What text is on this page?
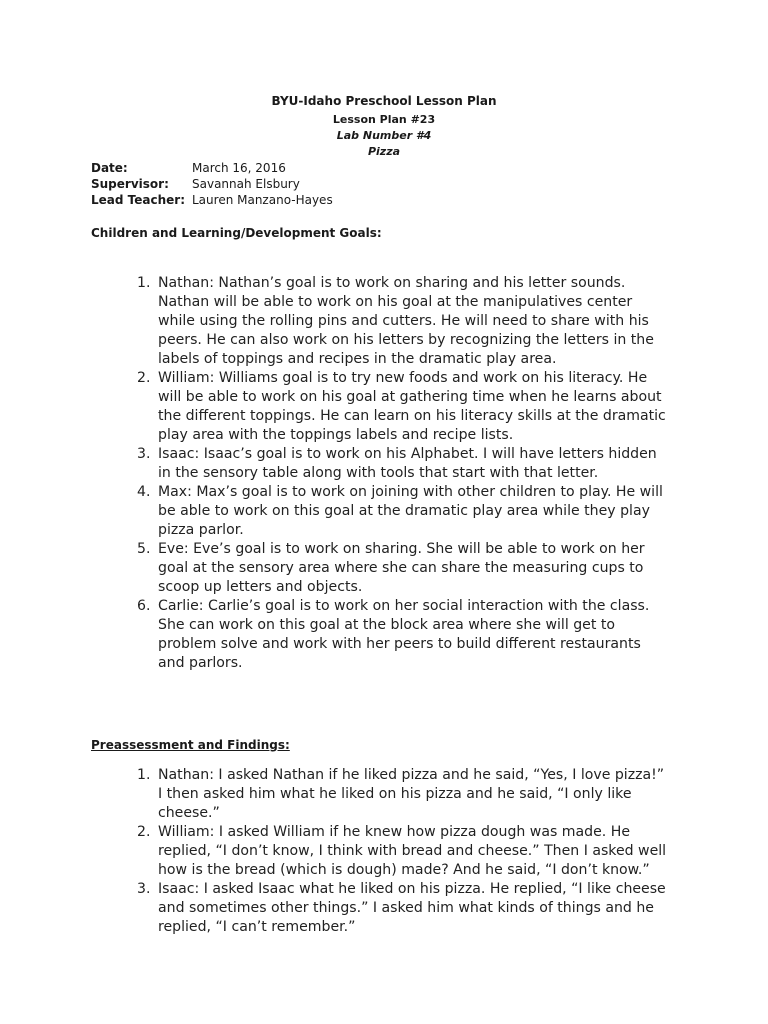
BYU-Idaho Preschool Lesson Plan
Lesson Plan #23
Lab Number #4
Pizza
Date:	March 16, 2016
Supervisor: Savannah Elsbury
Lead Teacher: Lauren Manzano-Hayes
Children and Learning/Development Goals:
1. Nathan: Nathan’s goal is to work on sharing and his letter sounds. Nathan will be able to work on his goal at the manipulatives center while using the rolling pins and cutters. He will need to share with his peers. He can also work on his letters by recognizing the letters in the labels of toppings and recipes in the dramatic play area.
2. William: Williams goal is to try new foods and work on his literacy. He will be able to work on his goal at gathering time when he learns about the different toppings. He can learn on his literacy skills at the dramatic play area with the toppings labels and recipe lists.
3. Isaac: Isaac’s goal is to work on his Alphabet. I will have letters hidden in the sensory table along with tools that start with that letter.
4. Max: Max’s goal is to work on joining with other children to play. He will be able to work on this goal at the dramatic play area while they play pizza parlor.
5. Eve: Eve’s goal is to work on sharing. She will be able to work on her goal at the sensory area where she can share the measuring cups to scoop up letters and objects.
6. Carlie: Carlie’s goal is to work on her social interaction with the class. She can work on this goal at the block area where she will get to problem solve and work with her peers to build different restaurants and parlors.
Preassessment and Findings:
1. Nathan: I asked Nathan if he liked pizza and he said, “Yes, I love pizza!” I then asked him what he liked on his pizza and he said, “I only like cheese.”
2. William: I asked William if he knew how pizza dough was made. He replied, “I don’t know, I think with bread and cheese.” Then I asked well how is the bread (which is dough) made? And he said, “I don’t know.”
3. Isaac: I asked Isaac what he liked on his pizza. He replied, “I like cheese and sometimes other things.” I asked him what kinds of things and he replied, “I can’t remember.”
